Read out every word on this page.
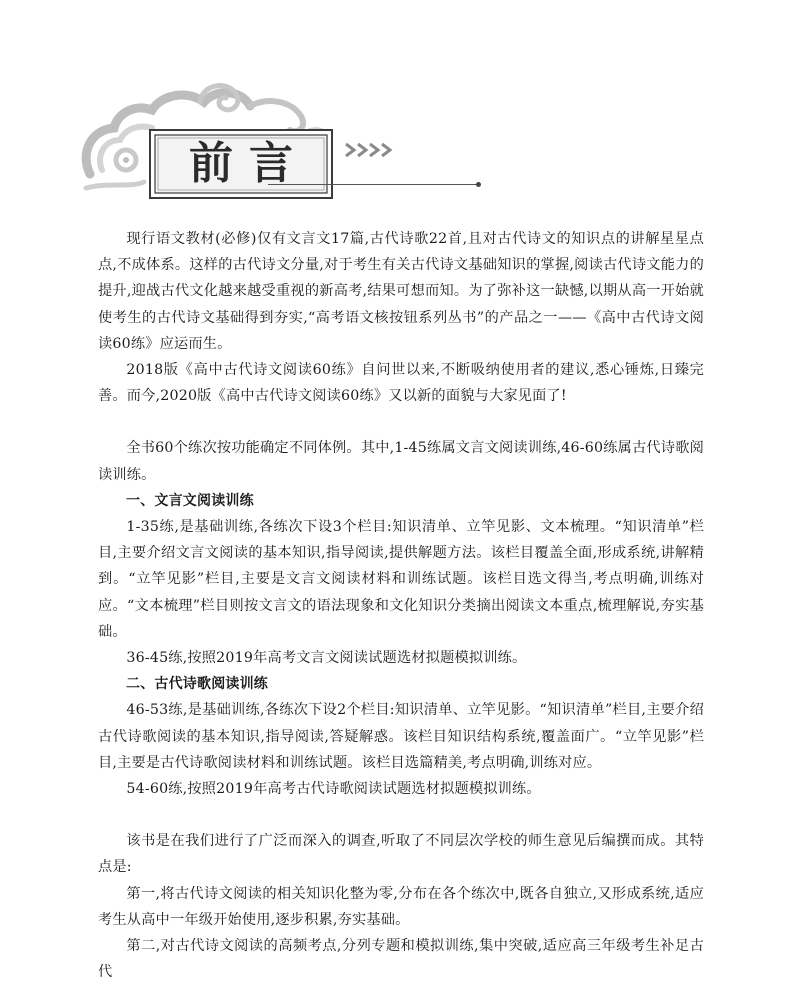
前言

现行语文教材(必修)仅有文言文17篇,古代诗歌22首,且对古代诗文的知识点的讲解星星点点,不成体系。这样的古代诗文分量,对于考生有关古代诗文基础知识的掌握,阅读古代诗文能力的提升,迎战古代文化越来越受重视的新高考,结果可想而知。为了弥补这一缺憾,以期从高一开始就使考生的古代诗文基础得到夯实,“高考语文核按钮系列丛书”的产品之一——《高中古代诗文阅读60练》应运而生。

2018版《高中古代诗文阅读60练》自问世以来,不断吸纳使用者的建议,悉心锤炼,日臻完善。而今,2020版《高中古代诗文阅读60练》又以新的面貌与大家见面了!

全书60个练次按功能确定不同体例。其中,1-45练属文言文阅读训练,46-60练属古代诗歌阅读训练。

一、文言文阅读训练

1-35练,是基础训练,各练次下设3个栏目:知识清单、立竿见影、文本梳理。“知识清单”栏目,主要介绍文言文阅读的基本知识,指导阅读,提供解题方法。该栏目覆盖全面,形成系统,讲解精到。“立竿见影”栏目,主要是文言文阅读材料和训练试题。该栏目选文得当,考点明确,训练对应。“文本梳理”栏目则按文言文的语法现象和文化知识分类摘出阅读文本重点,梳理解说,夯实基础。

36-45练,按照2019年高考文言文阅读试题选材拟题模拟训练。

二、古代诗歌阅读训练

46-53练,是基础训练,各练次下设2个栏目:知识清单、立竿见影。“知识清单”栏目,主要介绍古代诗歌阅读的基本知识,指导阅读,答疑解惑。该栏目知识结构系统,覆盖面广。“立竿见影”栏目,主要是古代诗歌阅读材料和训练试题。该栏目选篇精美,考点明确,训练对应。

54-60练,按照2019年高考古代诗歌阅读试题选材拟题模拟训练。

该书是在我们进行了广泛而深入的调查,听取了不同层次学校的师生意见后编撰而成。其特点是:

第一,将古代诗文阅读的相关知识化整为零,分布在各个练次中,既各自独立,又形成系统,适应考生从高中一年级开始使用,逐步积累,夯实基础。

第二,对古代诗文阅读的高频考点,分列专题和模拟训练,集中突破,适应高三年级考生补足古代
